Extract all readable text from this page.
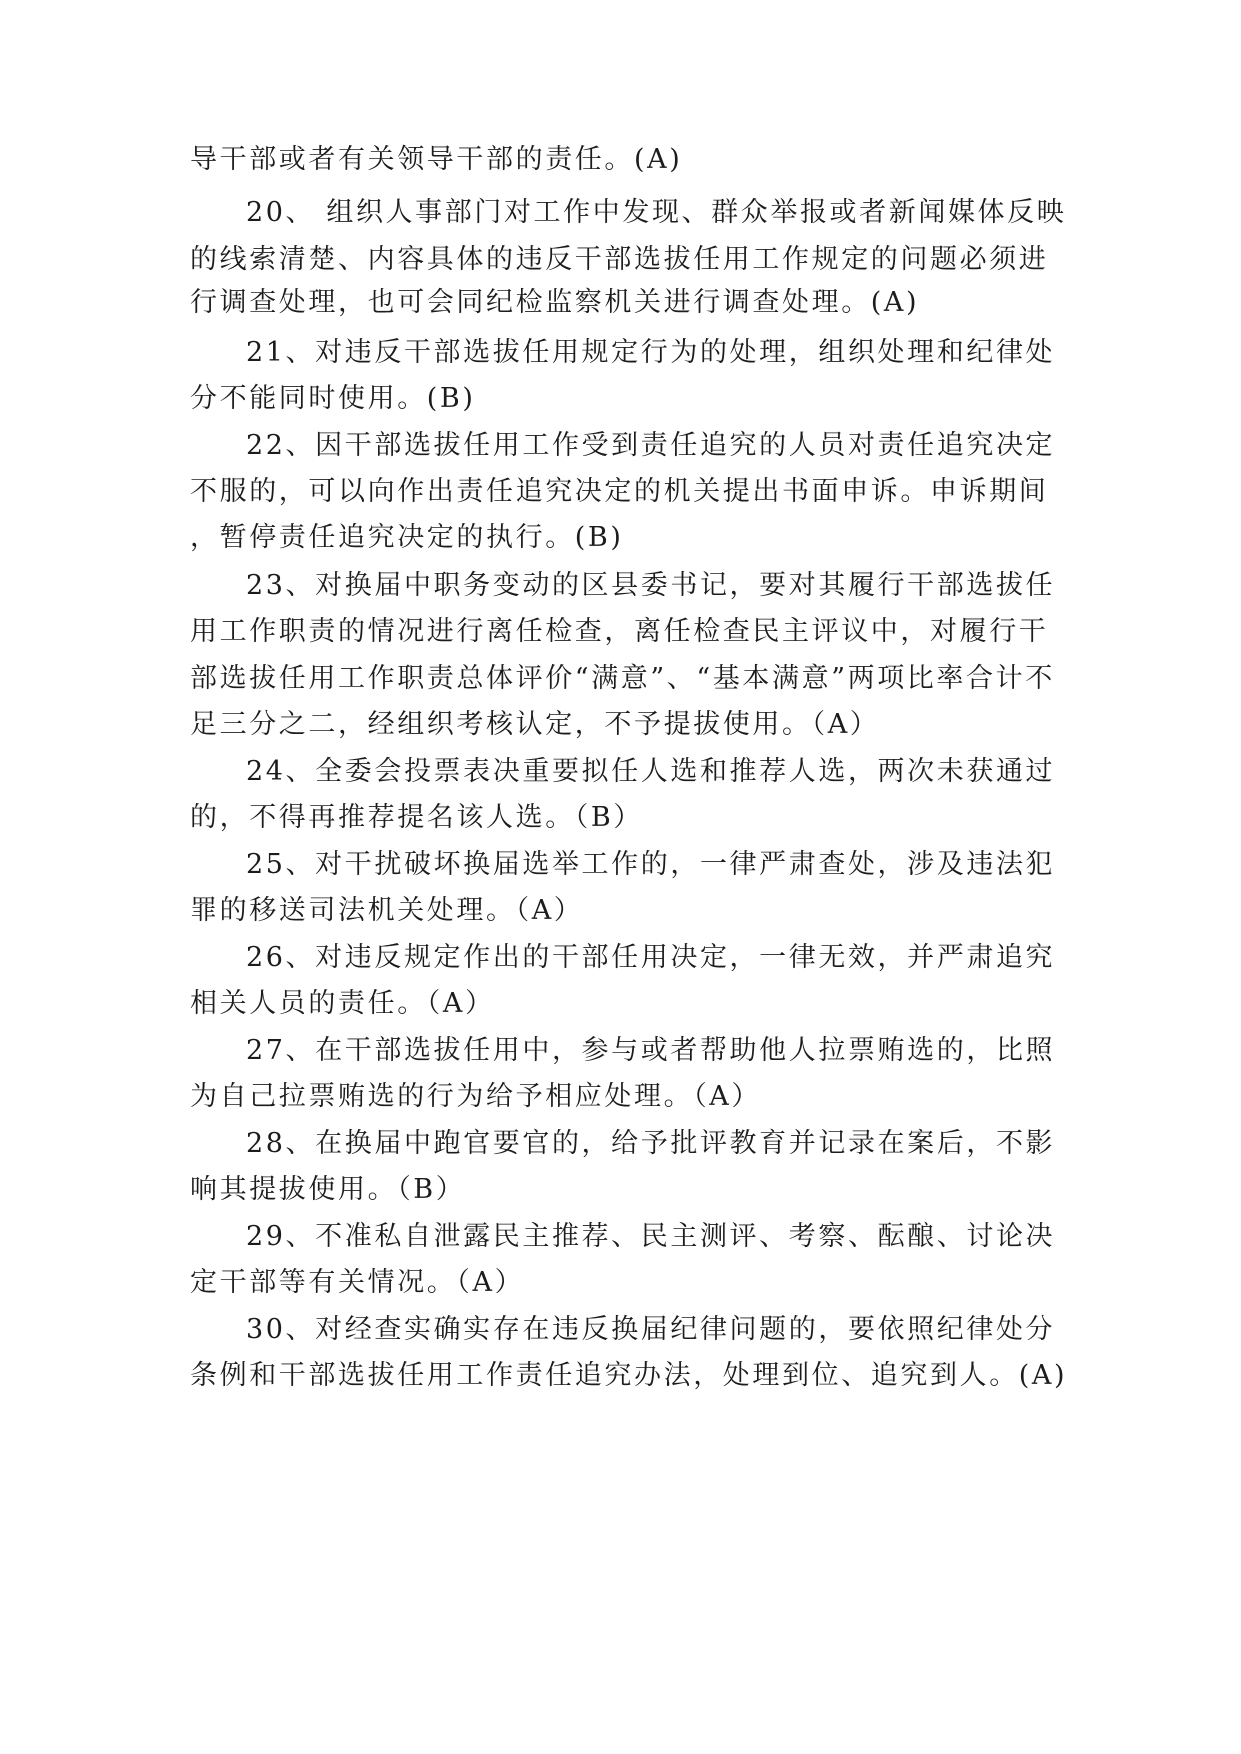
导干部或者有关领导干部的责任。(A)

20、 组织人事部门对工作中发现、群众举报或者新闻媒体反映

的线索清楚、内容具体的违反干部选拔任用工作规定的问题必须进

行调查处理，也可会同纪检监察机关进行调查处理。(A)

21、对违反干部选拔任用规定行为的处理，组织处理和纪律处

分不能同时使用。(B)

22、因干部选拔任用工作受到责任追究的人员对责任追究决定

不服的，可以向作出责任追究决定的机关提出书面申诉。申诉期间

，暂停责任追究决定的执行。(B)

23、对换届中职务变动的区县委书记，要对其履行干部选拔任

用工作职责的情况进行离任检查，离任检查民主评议中，对履行干

部选拔任用工作职责总体评价“满意”、“基本满意”两项比率合计不

足三分之二，经组织考核认定，不予提拔使用。（A）

24、全委会投票表决重要拟任人选和推荐人选，两次未获通过

的，不得再推荐提名该人选。（B）

25、对干扰破坏换届选举工作的，一律严肃查处，涉及违法犯

罪的移送司法机关处理。（A）

26、对违反规定作出的干部任用决定，一律无效，并严肃追究

相关人员的责任。（A）

27、在干部选拔任用中，参与或者帮助他人拉票贿选的，比照

为自己拉票贿选的行为给予相应处理。（A）

28、在换届中跑官要官的，给予批评教育并记录在案后，不影

响其提拔使用。（B）

29、不准私自泄露民主推荐、民主测评、考察、酝酿、讨论决

定干部等有关情况。（A）

30、对经查实确实存在违反换届纪律问题的，要依照纪律处分

条例和干部选拔任用工作责任追究办法，处理到位、追究到人。(A)
